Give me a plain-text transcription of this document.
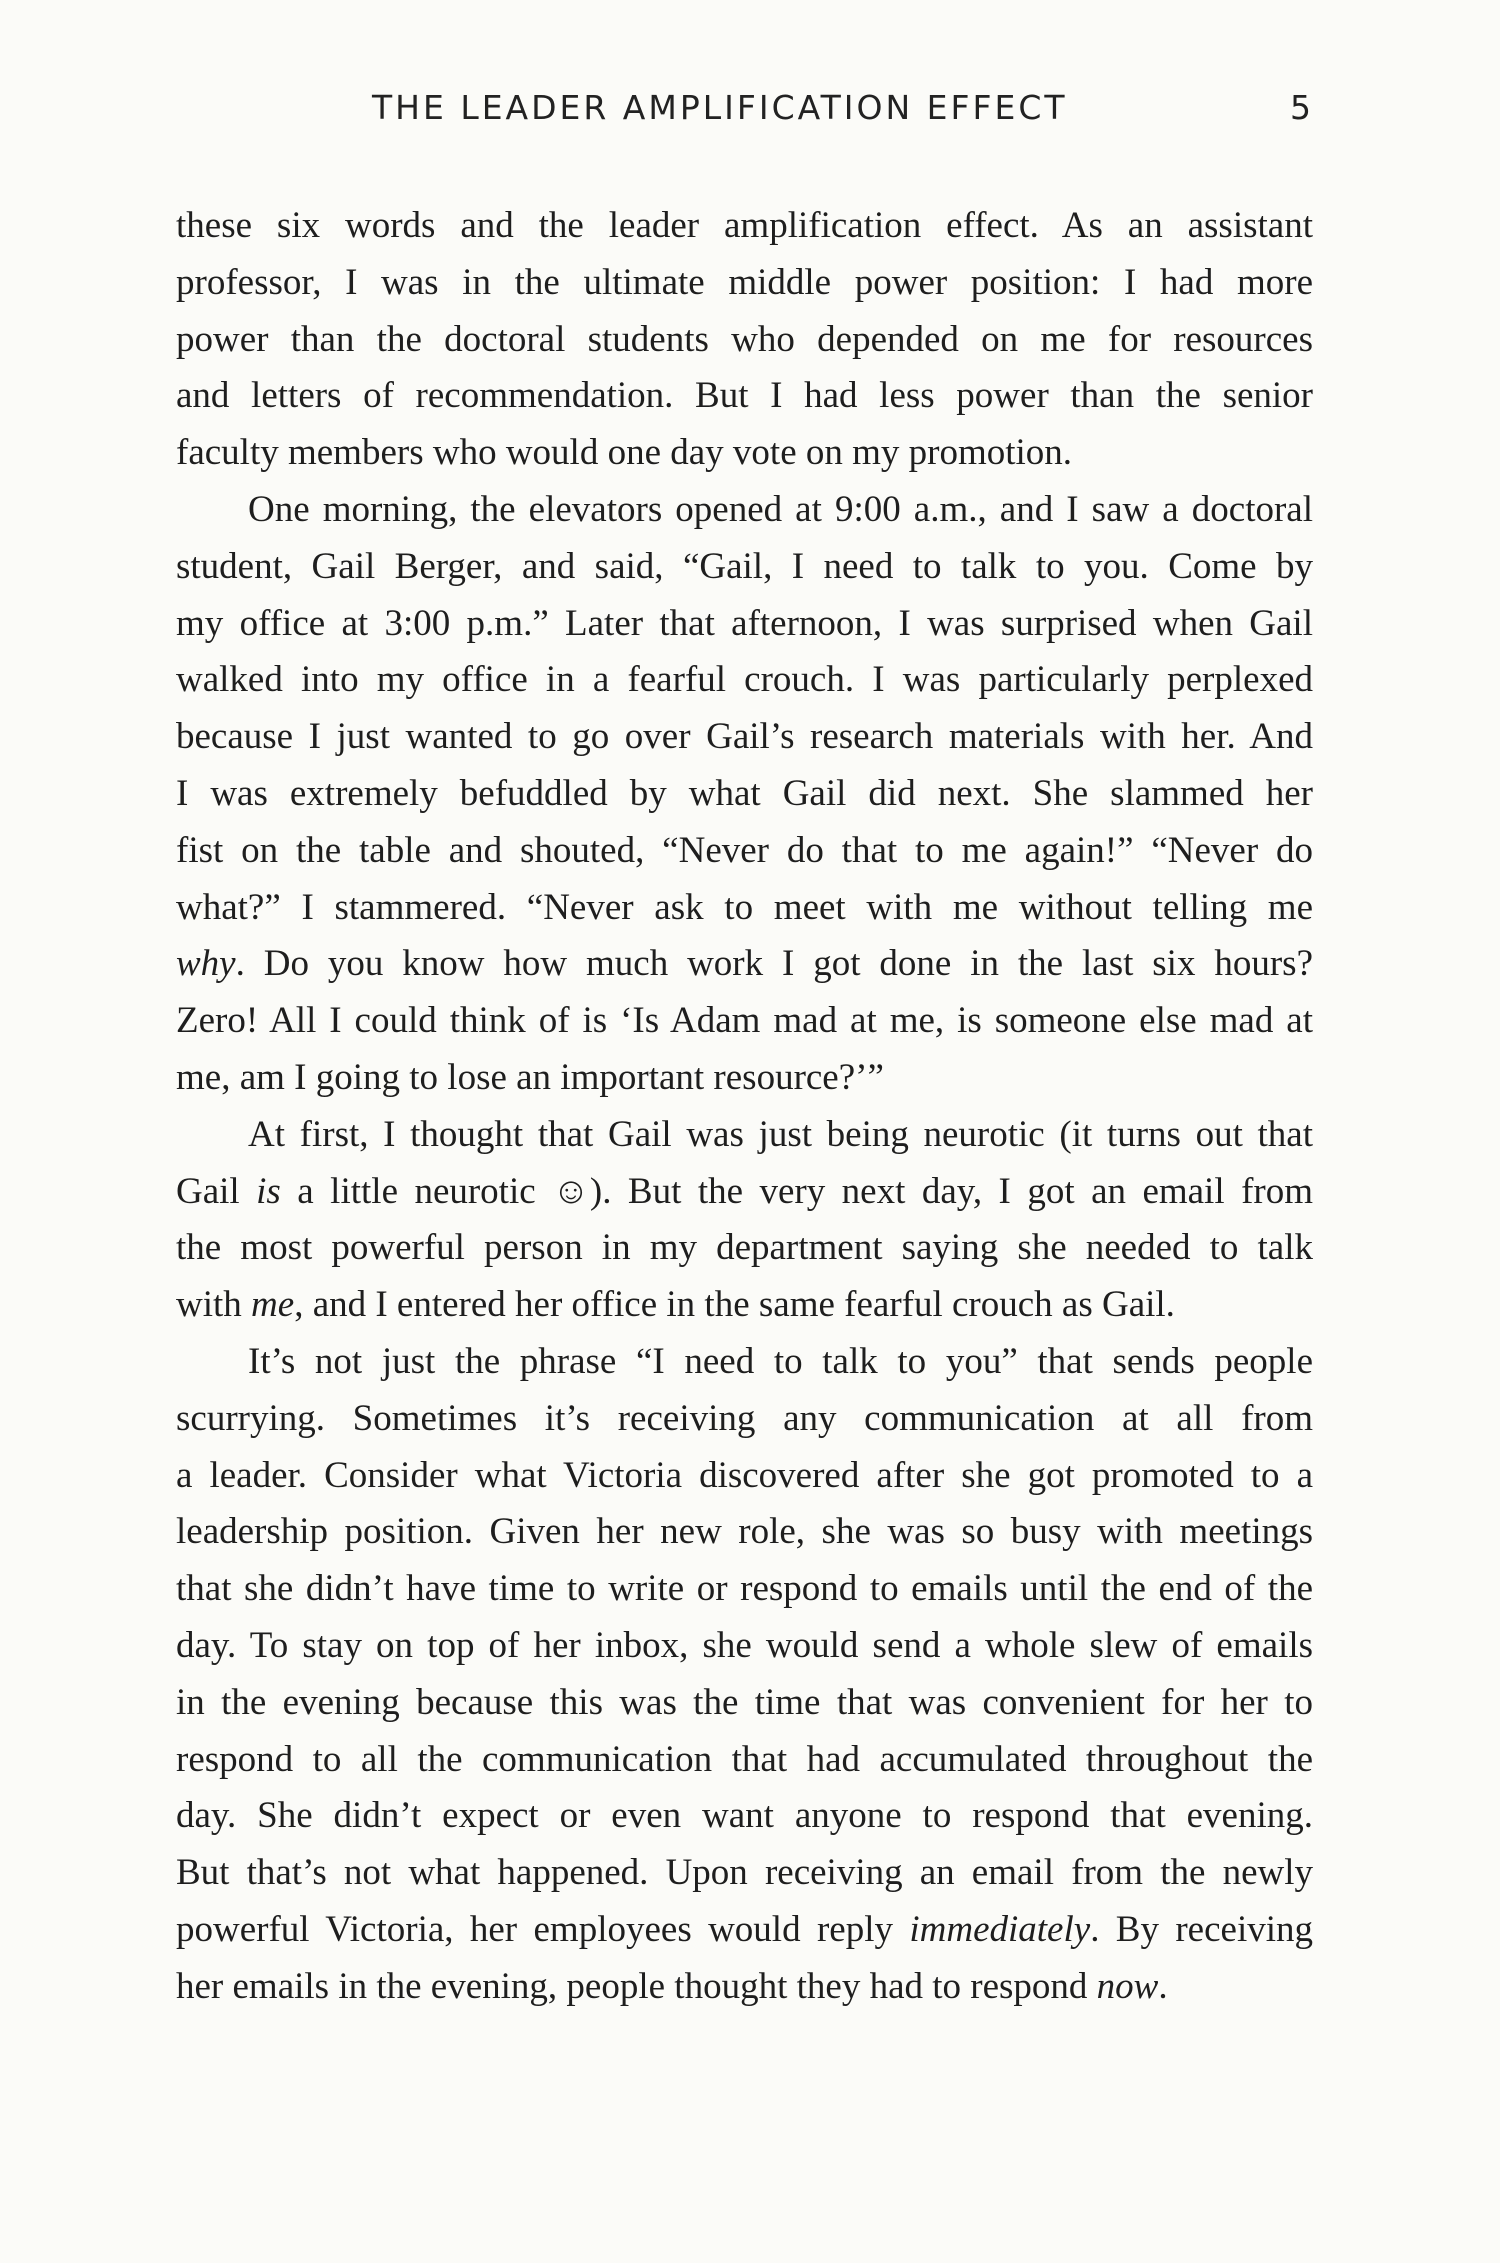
THE LEADER AMPLIFICATION EFFECT	5
these six words and the leader amplification effect. As an assistant
professor, I was in the ultimate middle power position: I had more
power than the doctoral students who depended on me for resources
and letters of recommendation. But I had less power than the senior
faculty members who would one day vote on my promotion.
One morning, the elevators opened at 9:00 a.m., and I saw a doctoral
student, Gail Berger, and said, “Gail, I need to talk to you. Come by
my office at 3:00 p.m.” Later that afternoon, I was surprised when Gail
walked into my office in a fearful crouch. I was particularly perplexed
because I just wanted to go over Gail’s research materials with her. And
I was extremely befuddled by what Gail did next. She slammed her
fist on the table and shouted, “Never do that to me again!” “Never do
what?” I stammered. “Never ask to meet with me without telling me
why. Do you know how much work I got done in the last six hours?
Zero! All I could think of is ‘Is Adam mad at me, is someone else mad at
me, am I going to lose an important resource?’”
At first, I thought that Gail was just being neurotic (it turns out that
Gail is a little neurotic ☺). But the very next day, I got an email from
the most powerful person in my department saying she needed to talk
with me, and I entered her office in the same fearful crouch as Gail.
It’s not just the phrase “I need to talk to you” that sends people
scurrying. Sometimes it’s receiving any communication at all from
a leader. Consider what Victoria discovered after she got promoted to a
leadership position. Given her new role, she was so busy with meetings
that she didn’t have time to write or respond to emails until the end of the
day. To stay on top of her inbox, she would send a whole slew of emails
in the evening because this was the time that was convenient for her to
respond to all the communication that had accumulated throughout the
day. She didn’t expect or even want anyone to respond that evening.
But that’s not what happened. Upon receiving an email from the newly
powerful Victoria, her employees would reply immediately. By receiving
her emails in the evening, people thought they had to respond now.
